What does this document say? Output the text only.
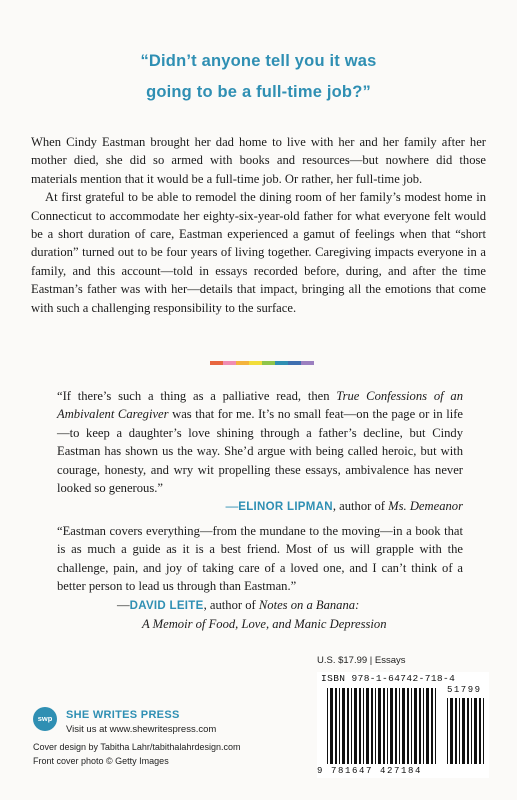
“Didn’t anyone tell you it was
going to be a full-time job?”

When Cindy Eastman brought her dad home to live with her and her family after her mother died, she did so armed with books and resources—but nowhere did those materials mention that it would be a full-time job. Or rather, her full-time job.

At first grateful to be able to remodel the dining room of her family’s modest home in Connecticut to accommodate her eighty-six-year-old father for what everyone felt would be a short duration of care, Eastman experienced a gamut of feelings when that “short duration” turned out to be four years of living together. Caregiving impacts everyone in a family, and this account—told in essays recorded before, during, and after the time Eastman’s father was with her—details that impact, bringing all the emotions that come with such a challenging responsibility to the surface.

“If there’s such a thing as a palliative read, then True Confessions of an Ambivalent Caregiver was that for me. It’s no small feat—on the page or in life—to keep a daughter’s love shining through a father’s decline, but Cindy Eastman has shown us the way. She’d argue with being called heroic, but with courage, honesty, and wry wit propelling these essays, ambivalence has never looked so generous.”

—ELINOR LIPMAN, author of Ms. Demeanor

“Eastman covers everything—from the mundane to the moving—in a book that is as much a guide as it is a best friend. Most of us will grapple with the challenge, pain, and joy of taking care of a loved one, and I can’t think of a better person to lead us through than Eastman.”

—DAVID LEITE, author of Notes on a Banana:
A Memoir of Food, Love, and Manic Depression
U.S. $17.99 | Essays
ISBN 978-1-64742-718-4
51799
9 781647 427184
swp	SHE WRITES PRESS
Visit us at www.shewritespress.com
Cover design by Tabitha Lahr/tabithalahrdesign.com
Front cover photo © Getty Images
